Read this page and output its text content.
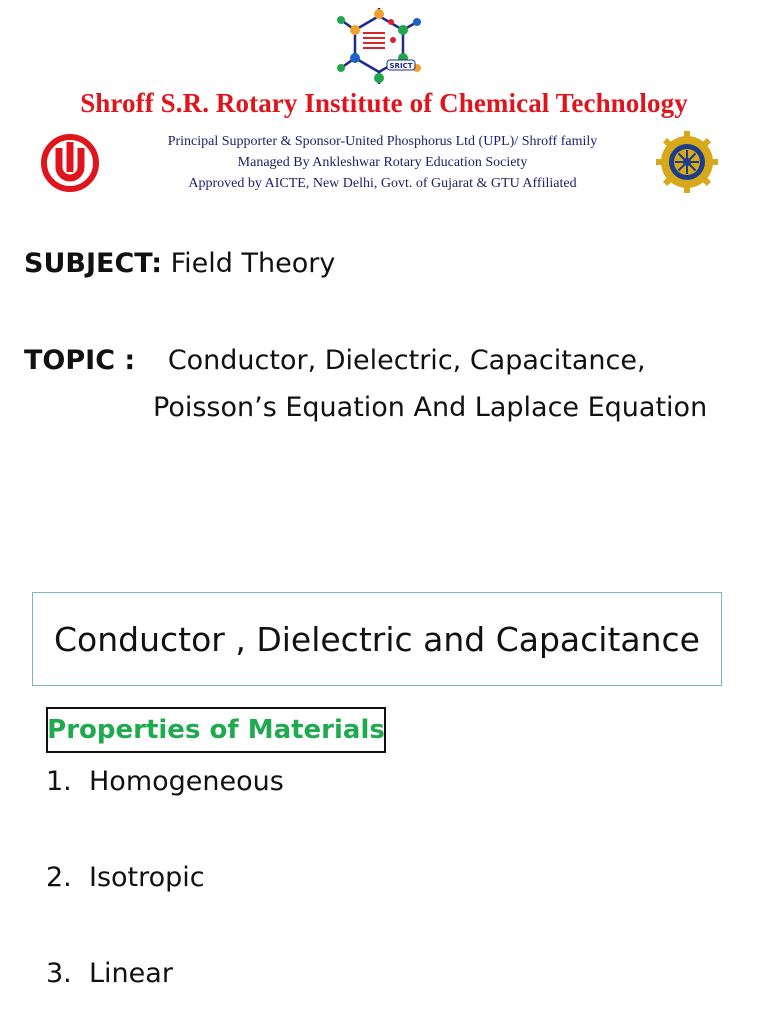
SRICT
Shroff S.R. Rotary Institute of Chemical Technology
Principal Supporter & Sponsor-United Phosphorus Ltd (UPL)/ Shroff family
Managed By Ankleshwar Rotary Education Society
Approved by AICTE, New Delhi, Govt. of Gujarat & GTU Affiliated
SUBJECT: Field Theory
TOPIC : Conductor, Dielectric, Capacitance,
Poisson’s Equation And Laplace Equation
Conductor , Dielectric and Capacitance
Properties of Materials
1. Homogeneous
2. Isotropic
3. Linear
